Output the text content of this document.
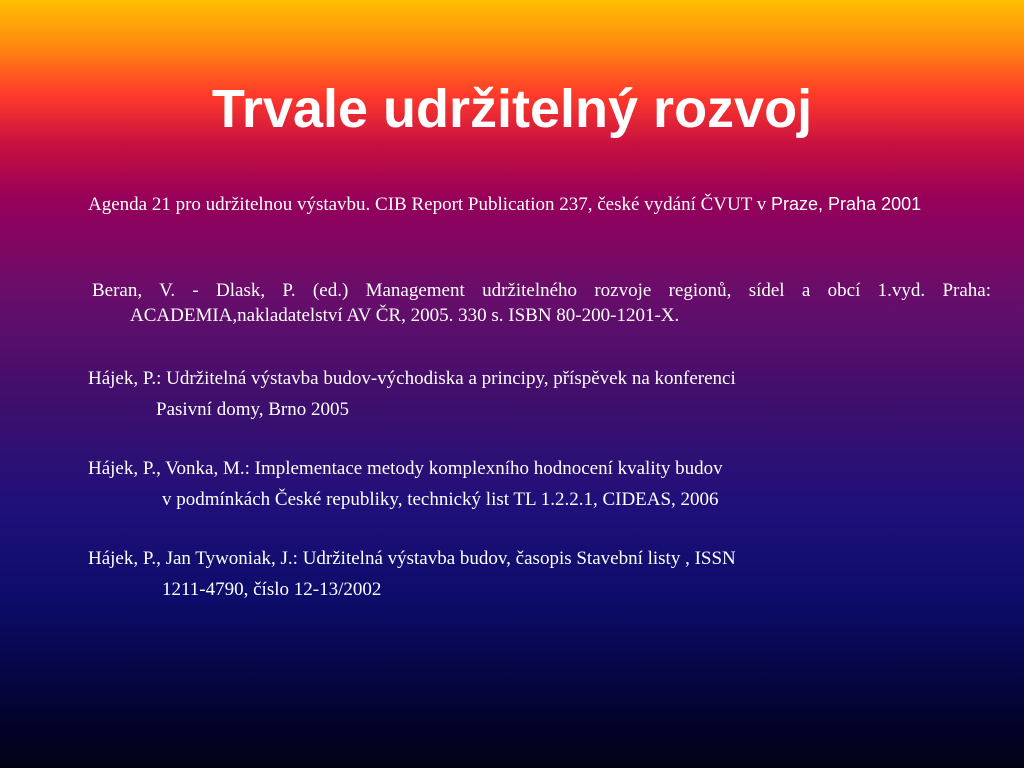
Trvale udržitelný rozvoj

Agenda 21 pro udržitelnou výstavbu. CIB Report Publication 237, české vydání ČVUT v Praze, Praha 2001

Beran, V. - Dlask, P. (ed.) Management udržitelného rozvoje regionů, sídel a obcí 1.vyd. Praha: ACADEMIA,nakladatelství AV ČR, 2005. 330 s. ISBN 80-200-1201-X.

Hájek, P.: Udržitelná výstavba budov-východiska a principy, příspěvek na konferenci
Pasivní domy, Brno 2005
Hájek, P., Vonka, M.: Implementace metody komplexního hodnocení kvality budov
v podmínkách České republiky, technický list TL 1.2.2.1, CIDEAS, 2006
Hájek, P., Jan Tywoniak, J.: Udržitelná výstavba budov, časopis Stavební listy , ISSN
1211-4790, číslo 12-13/2002
